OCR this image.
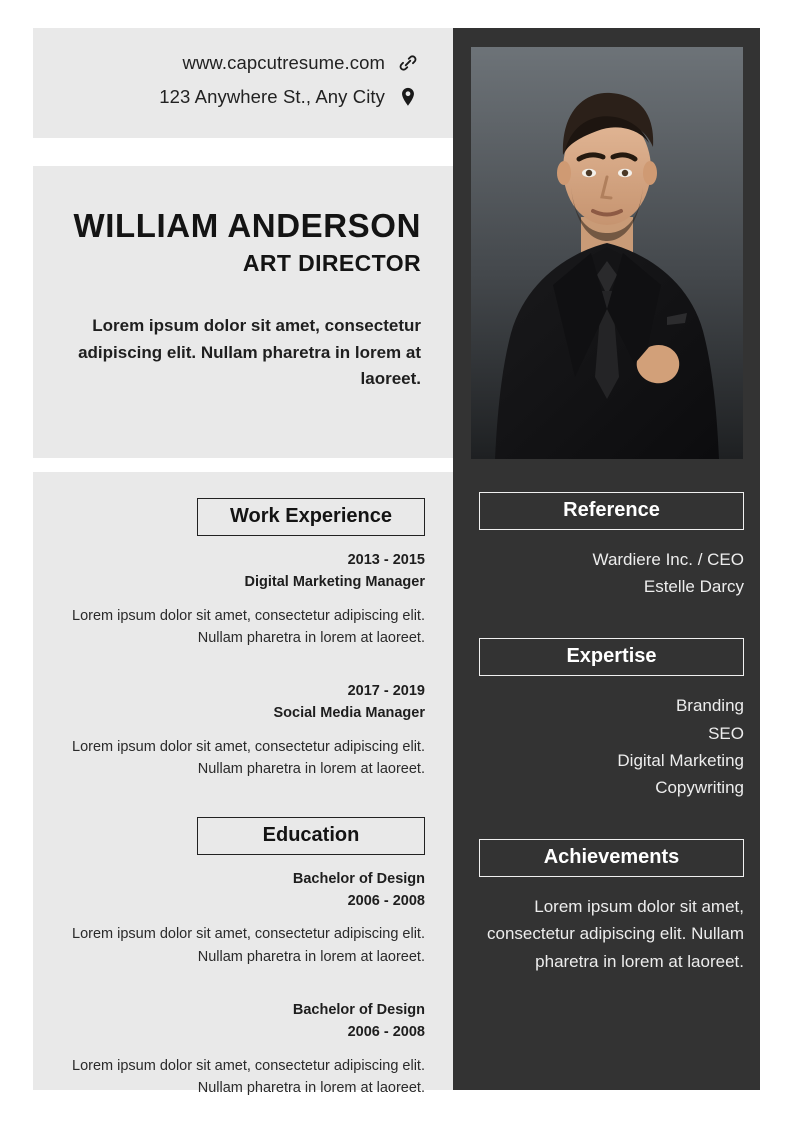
www.capcutresume.com
123 Anywhere St., Any City
WILLIAM ANDERSON
ART DIRECTOR
Lorem ipsum dolor sit amet, consectetur adipiscing elit. Nullam pharetra in lorem at laoreet.
Work Experience
2013 - 2015
Digital Marketing Manager
Lorem ipsum dolor sit amet, consectetur adipiscing elit. Nullam pharetra in lorem at laoreet.
2017 - 2019
Social Media Manager
Lorem ipsum dolor sit amet, consectetur adipiscing elit. Nullam pharetra in lorem at laoreet.
Education
Bachelor of Design
2006 - 2008
Lorem ipsum dolor sit amet, consectetur adipiscing elit. Nullam pharetra in lorem at laoreet.
Bachelor of Design
2006 - 2008
Lorem ipsum dolor sit amet, consectetur adipiscing elit. Nullam pharetra in lorem at laoreet.
Reference
Wardiere Inc. / CEO
Estelle Darcy
Expertise
Branding
SEO
Digital Marketing
Copywriting
Achievements
Lorem ipsum dolor sit amet, consectetur adipiscing elit. Nullam pharetra in lorem at laoreet.
